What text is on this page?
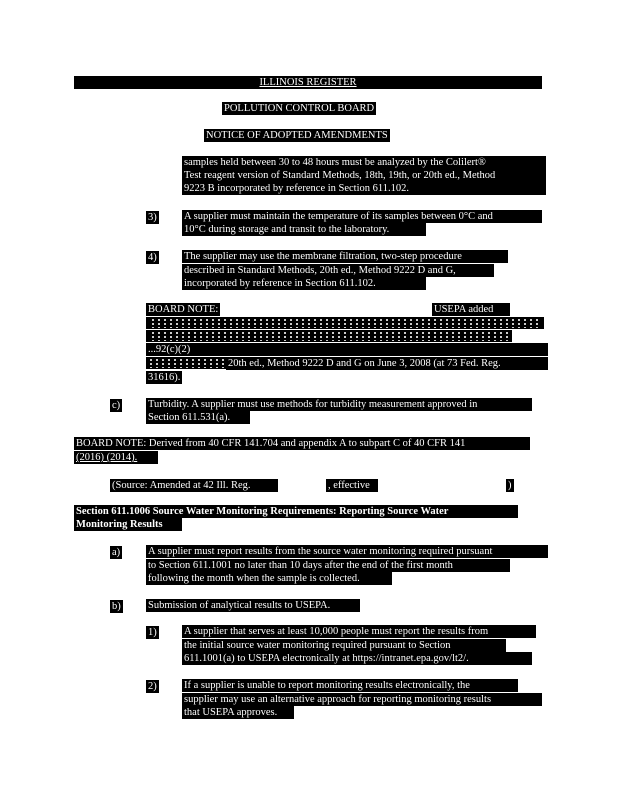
ILLINOIS REGISTER
POLLUTION CONTROL BOARD
NOTICE OF ADOPTED AMENDMENTS
samples held between 30 to 48 hours must be analyzed by the Colilert®
Test reagent version of Standard Methods, 18th, 19th, or 20th ed., Method
9223 B incorporated by reference in Section 611.102.
3)	A supplier must maintain the temperature of its samples between 0°C and
10°C during storage and transit to the laboratory.
4)	The supplier may use the membrane filtration, two-step procedure
described in Standard Methods, 20th ed., Method 9222 D and G,
incorporated by reference in Section 611.102.
BOARD NOTE:	USEPA added
...92(c)(2)
20th ed., Method 9222 D and G on June 3, 2008 (at 73 Fed. Reg.
31616).
c)	Turbidity. A supplier must use methods for turbidity measurement approved in
Section 611.531(a).
BOARD NOTE: Derived from 40 CFR 141.704 and appendix A to subpart C of 40 CFR 141
(2016) (2014).
(Source: Amended at 42 Ill. Reg.	, effective	)
Section 611.1006 Source Water Monitoring Requirements: Reporting Source Water
Monitoring Results
a)	A supplier must report results from the source water monitoring required pursuant
to Section 611.1001 no later than 10 days after the end of the first month
following the month when the sample is collected.
b)	Submission of analytical results to USEPA.
1)	A supplier that serves at least 10,000 people must report the results from
the initial source water monitoring required pursuant to Section
611.1001(a) to USEPA electronically at https://intranet.epa.gov/lt2/.
2)	If a supplier is unable to report monitoring results electronically, the
supplier may use an alternative approach for reporting monitoring results
that USEPA approves.
